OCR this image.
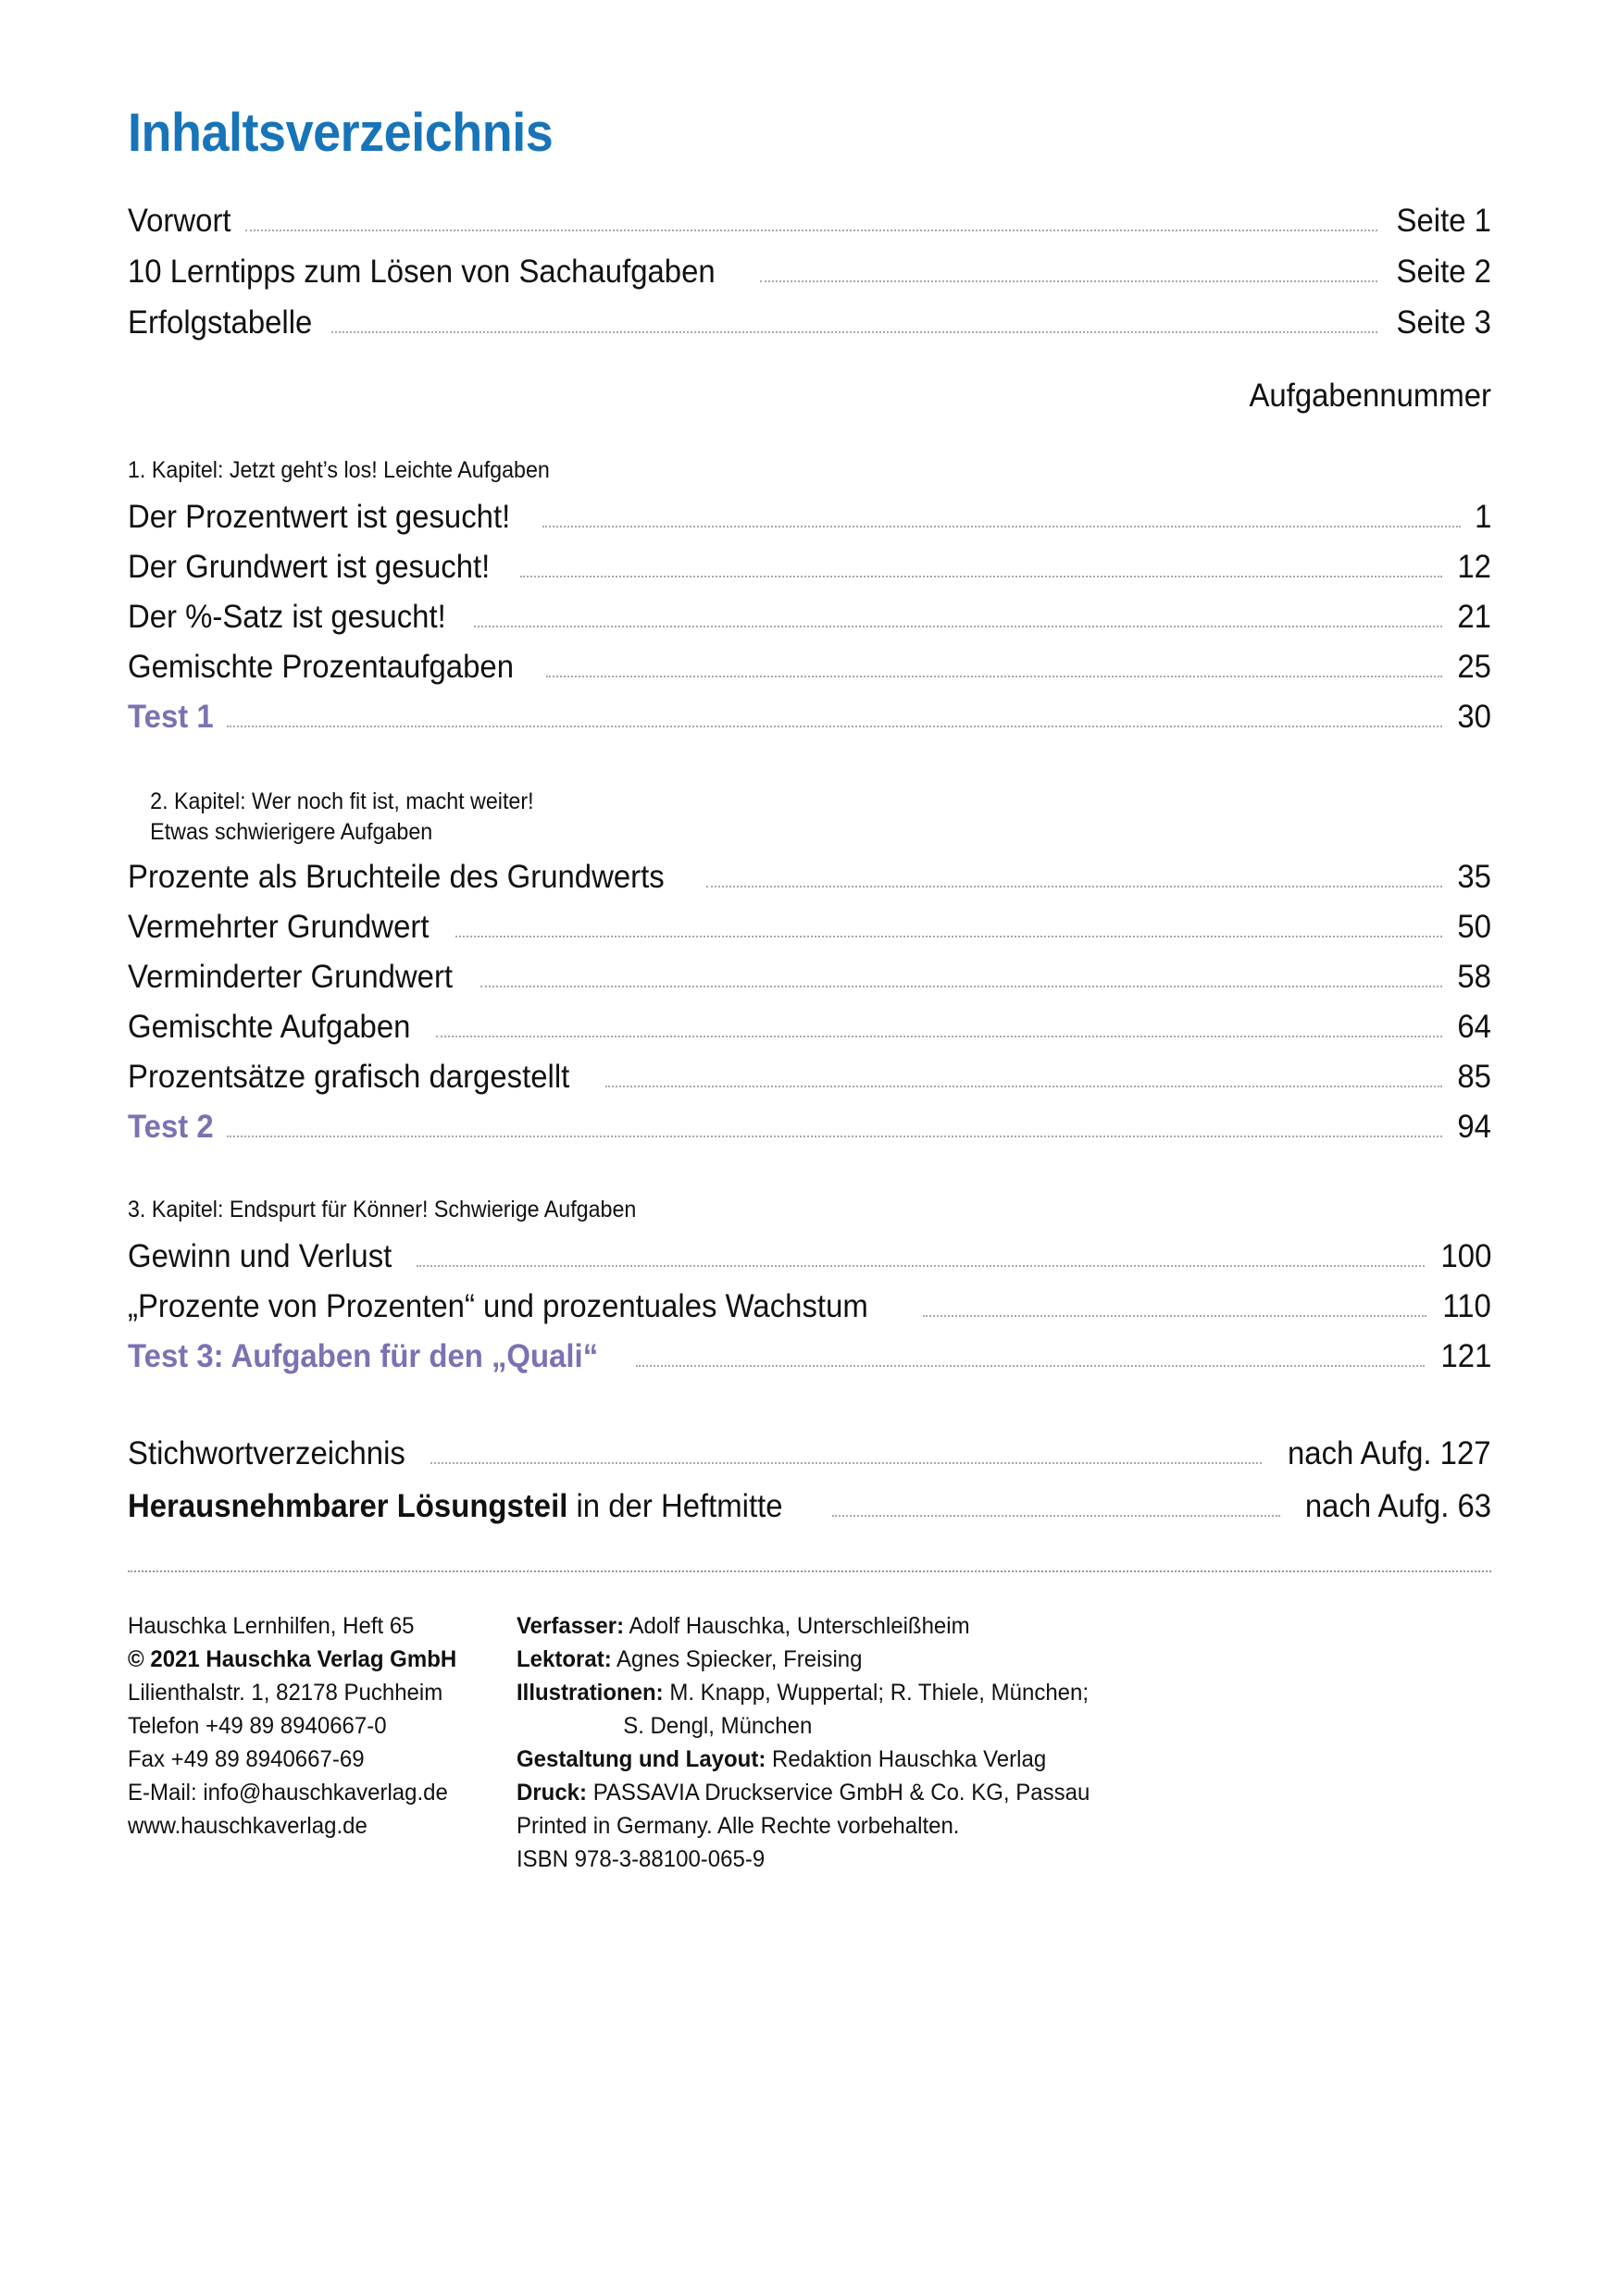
Inhaltsverzeichnis
Vorwort	Seite 1
10 Lerntipps zum Lösen von Sachaufgaben	Seite 2
Erfolgstabelle	Seite 3
Aufgabennummer
1. Kapitel: Jetzt geht’s los! Leichte Aufgaben
Der Prozentwert ist gesucht!	1
Der Grundwert ist gesucht!	12
Der %-Satz ist gesucht!	21
Gemischte Prozentaufgaben	25
Test 1	30
2. Kapitel: Wer noch fit ist, macht weiter!
Etwas schwierigere Aufgaben
Prozente als Bruchteile des Grundwerts	35
Vermehrter Grundwert	50
Verminderter Grundwert	58
Gemischte Aufgaben	64
Prozentsätze grafisch dargestellt	85
Test 2	94
3. Kapitel: Endspurt für Könner! Schwierige Aufgaben
Gewinn und Verlust	100
„Prozente von Prozenten“ und prozentuales Wachstum	110
Test 3: Aufgaben für den „Quali“	121
Stichwortverzeichnis	nach Aufg. 127
Herausnehmbarer Lösungsteil in der Heftmitte	nach Aufg. 63
Hauschka Lernhilfen, Heft 65
© 2021 Hauschka Verlag GmbH
Lilienthalstr. 1, 82178 Puchheim
Telefon +49 89 8940667-0
Fax +49 89 8940667-69
E-Mail: info@hauschkaverlag.de
www.hauschkaverlag.de
Verfasser: Adolf Hauschka, Unterschleißheim
Lektorat: Agnes Spiecker, Freising
Illustrationen: M. Knapp, Wuppertal; R. Thiele, München;
S. Dengl, München
Gestaltung und Layout: Redaktion Hauschka Verlag
Druck: PASSAVIA Druckservice GmbH & Co. KG, Passau
Printed in Germany. Alle Rechte vorbehalten.
ISBN 978-3-88100-065-9
